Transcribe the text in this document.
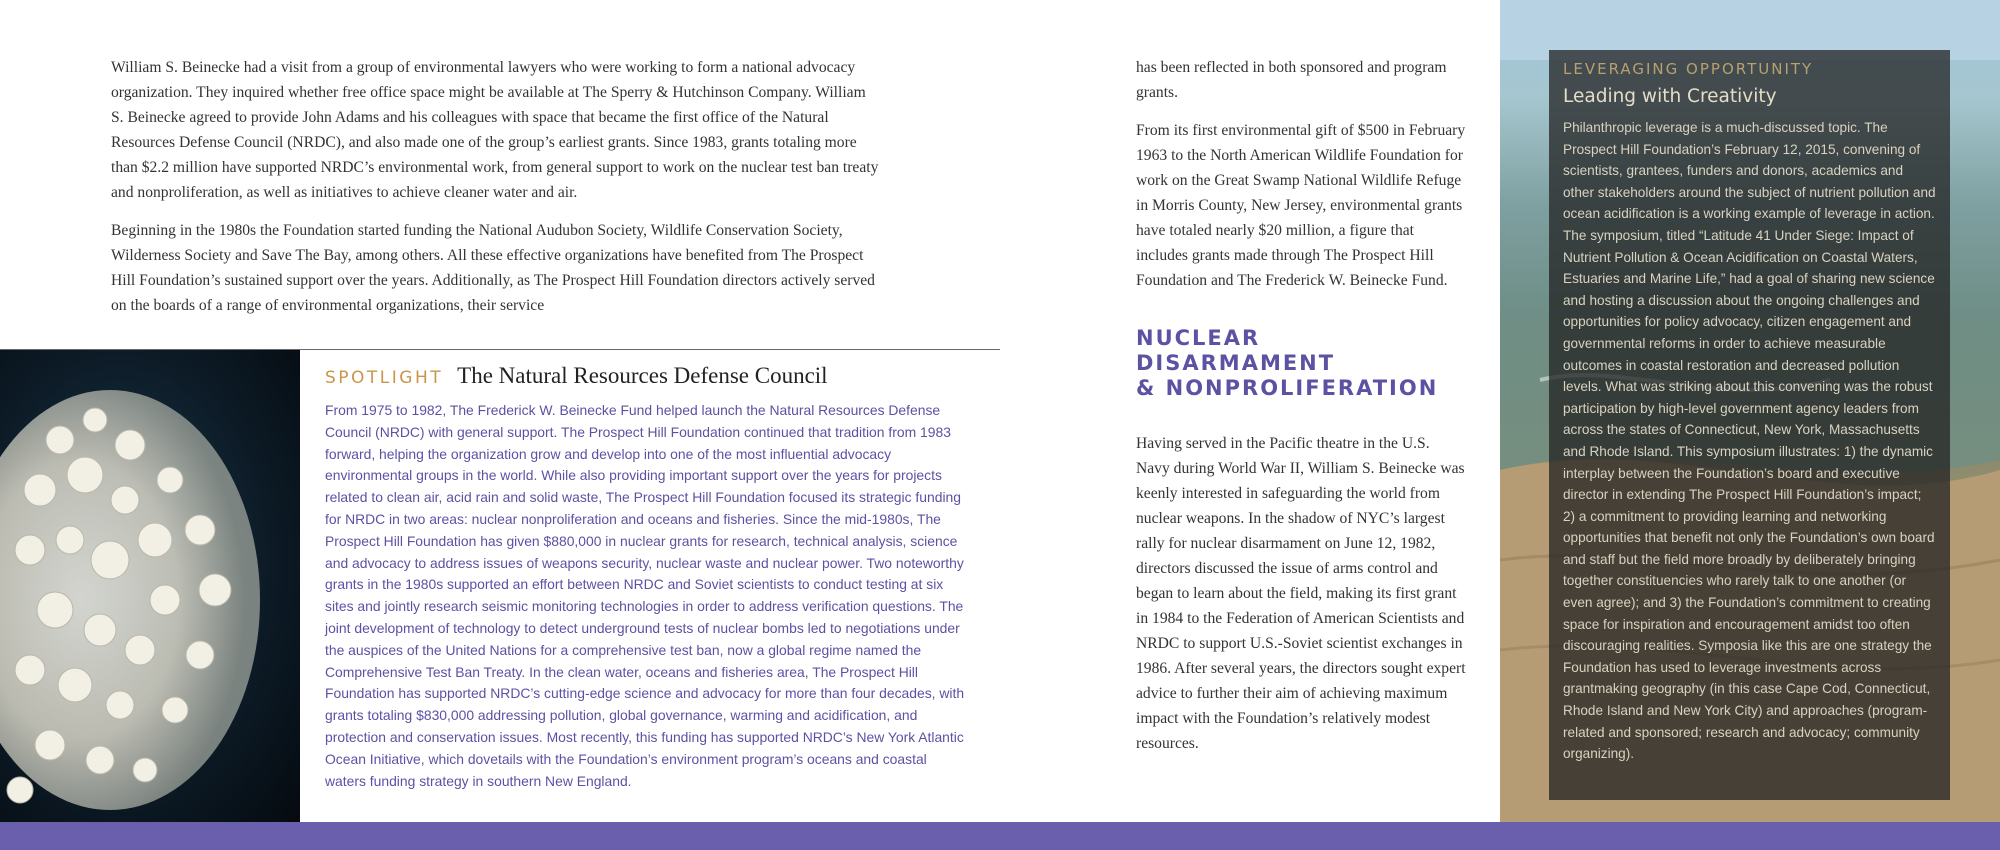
William S. Beinecke had a visit from a group of environmental lawyers who were working to form a national advocacy organization. They inquired whether free office space might be available at The Sperry & Hutchinson Company. William S. Beinecke agreed to provide John Adams and his colleagues with space that became the first office of the Natural Resources Defense Council (NRDC), and also made one of the group’s earliest grants. Since 1983, grants totaling more than $2.2 million have supported NRDC’s environmental work, from general support to work on the nuclear test ban treaty and nonproliferation, as well as initiatives to achieve cleaner water and air.

Beginning in the 1980s the Foundation started funding the National Audubon Society, Wildlife Conservation Society, Wilderness Society and Save The Bay, among others. All these effective organizations have benefited from The Prospect Hill Foundation’s sustained support over the years. Additionally, as The Prospect Hill Foundation directors actively served on the boards of a range of environmental organizations, their service

SPOTLIGHT The Natural Resources Defense Council

From 1975 to 1982, The Frederick W. Beinecke Fund helped launch the Natural Resources Defense Council (NRDC) with general support. The Prospect Hill Foundation continued that tradition from 1983 forward, helping the organization grow and develop into one of the most influential advocacy environmental groups in the world. While also providing important support over the years for projects related to clean air, acid rain and solid waste, The Prospect Hill Foundation focused its strategic funding for NRDC in two areas: nuclear nonproliferation and oceans and fisheries. Since the mid-1980s, The Prospect Hill Foundation has given $880,000 in nuclear grants for research, technical analysis, science and advocacy to address issues of weapons security, nuclear waste and nuclear power. Two noteworthy grants in the 1980s supported an effort between NRDC and Soviet scientists to conduct testing at six sites and jointly research seismic monitoring technologies in order to address verification questions. The joint development of technology to detect underground tests of nuclear bombs led to negotiations under the auspices of the United Nations for a comprehensive test ban, now a global regime named the Comprehensive Test Ban Treaty. In the clean water, oceans and fisheries area, The Prospect Hill Foundation has supported NRDC’s cutting-edge science and advocacy for more than four decades, with grants totaling $830,000 addressing pollution, global governance, warming and acidification, and protection and conservation issues. Most recently, this funding has supported NRDC’s New York Atlantic Ocean Initiative, which dovetails with the Foundation’s environment program’s oceans and coastal waters funding strategy in southern New England.

has been reflected in both sponsored and program grants.

From its first environmental gift of $500 in February 1963 to the North American Wildlife Foundation for work on the Great Swamp National Wildlife Refuge in Morris County, New Jersey, environmental grants have totaled nearly $20 million, a figure that includes grants made through The Prospect Hill Foundation and The Frederick W. Beinecke Fund.

NUCLEAR DISARMAMENT
& NONPROLIFERATION

Having served in the Pacific theatre in the U.S. Navy during World War II, William S. Beinecke was keenly interested in safeguarding the world from nuclear weapons. In the shadow of NYC’s largest rally for nuclear disarmament on June 12, 1982, directors discussed the issue of arms control and began to learn about the field, making its first grant in 1984 to the Federation of American Scientists and NRDC to support U.S.-Soviet scientist exchanges in 1986. After several years, the directors sought expert advice to further their aim of achieving maximum impact with the Foundation’s relatively modest resources.

LEVERAGING OPPORTUNITY
Leading with Creativity

Philanthropic leverage is a much-discussed topic. The Prospect Hill Foundation’s February 12, 2015, convening of scientists, grantees, funders and donors, academics and other stakeholders around the subject of nutrient pollution and ocean acidification is a working example of leverage in action. The symposium, titled “Latitude 41 Under Siege: Impact of Nutrient Pollution & Ocean Acidification on Coastal Waters, Estuaries and Marine Life,” had a goal of sharing new science and hosting a discussion about the ongoing challenges and opportunities for policy advocacy, citizen engagement and governmental reforms in order to achieve measurable outcomes in coastal restoration and decreased pollution levels. What was striking about this convening was the robust participation by high-level government agency leaders from across the states of Connecticut, New York, Massachusetts and Rhode Island. This symposium illustrates: 1) the dynamic interplay between the Foundation’s board and executive director in extending The Prospect Hill Foundation’s impact; 2) a commitment to providing learning and networking opportunities that benefit not only the Foundation’s own board and staff but the field more broadly by deliberately bringing together constituencies who rarely talk to one another (or even agree); and 3) the Foundation’s commitment to creating space for inspiration and encouragement amidst too often discouraging realities. Symposia like this are one strategy the Foundation has used to leverage investments across grantmaking geography (in this case Cape Cod, Connecticut, Rhode Island and New York City) and approaches (program-related and sponsored; research and advocacy; community organizing).
